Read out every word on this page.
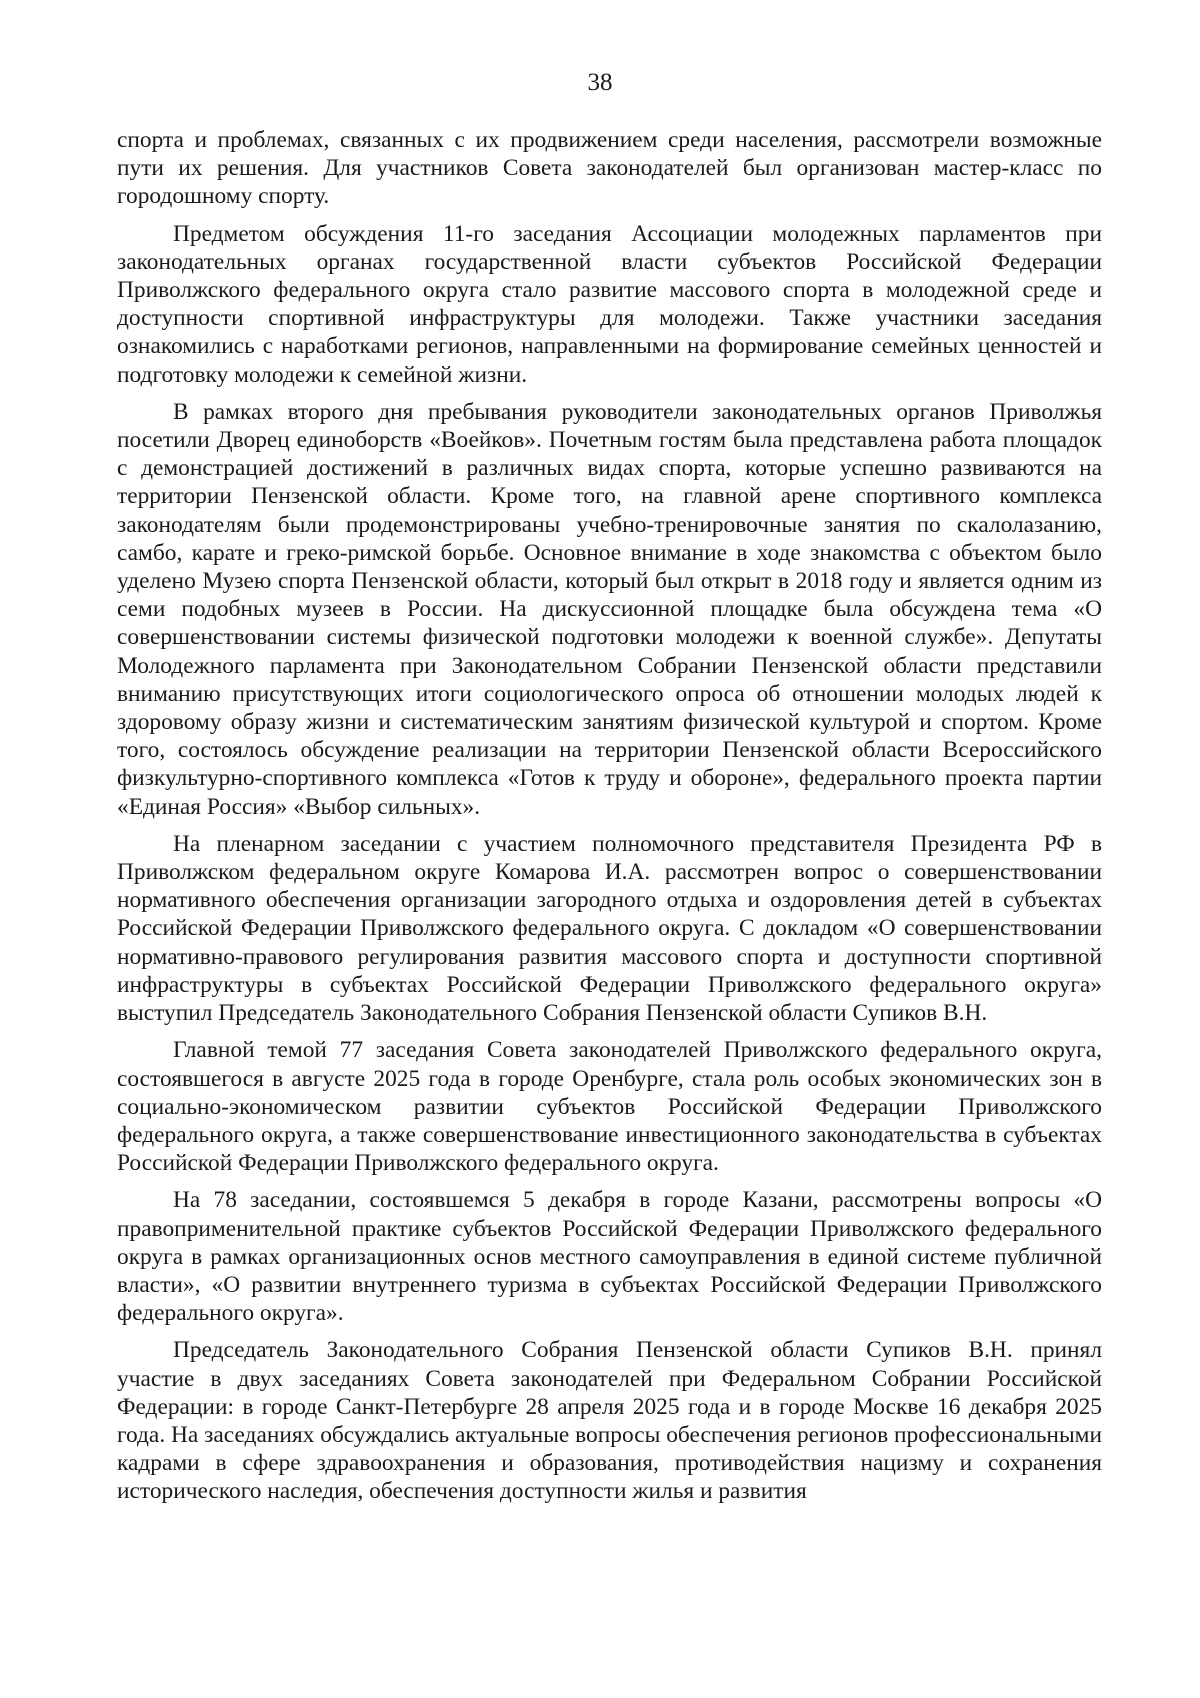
38

спорта и проблемах, связанных с их продвижением среди населения, рассмотрели возможные пути их решения. Для участников Совета законодателей был организован мастер-класс по городошному спорту.

Предметом обсуждения 11-го заседания Ассоциации молодежных парламентов при законодательных органах государственной власти субъектов Российской Федерации Приволжского федерального округа стало развитие массового спорта в молодежной среде и доступности спортивной инфраструктуры для молодежи. Также участники заседания ознакомились с наработками регионов, направленными на формирование семейных ценностей и подготовку молодежи к семейной жизни.

В рамках второго дня пребывания руководители законодательных органов Приволжья посетили Дворец единоборств «Воейков». Почетным гостям была представлена работа площадок с демонстрацией достижений в различных видах спорта, которые успешно развиваются на территории Пензенской области. Кроме того, на главной арене спортивного комплекса законодателям были продемонстрированы учебно-тренировочные занятия по скалолазанию, самбо, карате и греко-римской борьбе. Основное внимание в ходе знакомства с объектом было уделено Музею спорта Пензенской области, который был открыт в 2018 году и является одним из семи подобных музеев в России. На дискуссионной площадке была обсуждена тема «О совершенствовании системы физической подготовки молодежи к военной службе». Депутаты Молодежного парламента при Законодательном Собрании Пензенской области представили вниманию присутствующих итоги социологического опроса об отношении молодых людей к здоровому образу жизни и систематическим занятиям физической культурой и спортом. Кроме того, состоялось обсуждение реализации на территории Пензенской области Всероссийского физкультурно-спортивного комплекса «Готов к труду и обороне», федерального проекта партии «Единая Россия» «Выбор сильных».

На пленарном заседании с участием полномочного представителя Президента РФ в Приволжском федеральном округе Комарова И.А. рассмотрен вопрос о совершенствовании нормативного обеспечения организации загородного отдыха и оздоровления детей в субъектах Российской Федерации Приволжского федерального округа. С докладом «О совершенствовании нормативно-правового регулирования развития массового спорта и доступности спортивной инфраструктуры в субъектах Российской Федерации Приволжского федерального округа» выступил Председатель Законодательного Собрания Пензенской области Супиков В.Н.

Главной темой 77 заседания Совета законодателей Приволжского федерального округа, состоявшегося в августе 2025 года в городе Оренбурге, стала роль особых экономических зон в социально-экономическом развитии субъектов Российской Федерации Приволжского федерального округа, а также совершенствование инвестиционного законодательства в субъектах Российской Федерации Приволжского федерального округа.

На 78 заседании, состоявшемся 5 декабря в городе Казани, рассмотрены вопросы «О правоприменительной практике субъектов Российской Федерации Приволжского федерального округа в рамках организационных основ местного самоуправления в единой системе публичной власти», «О развитии внутреннего туризма в субъектах Российской Федерации Приволжского федерального округа».

Председатель Законодательного Собрания Пензенской области Супиков В.Н. принял участие в двух заседаниях Совета законодателей при Федеральном Собрании Российской Федерации: в городе Санкт-Петербурге 28 апреля 2025 года и в городе Москве 16 декабря 2025 года. На заседаниях обсуждались актуальные вопросы обеспечения регионов профессиональными кадрами в сфере здравоохранения и образования, противодействия нацизму и сохранения исторического наследия, обеспечения доступности жилья и развития
